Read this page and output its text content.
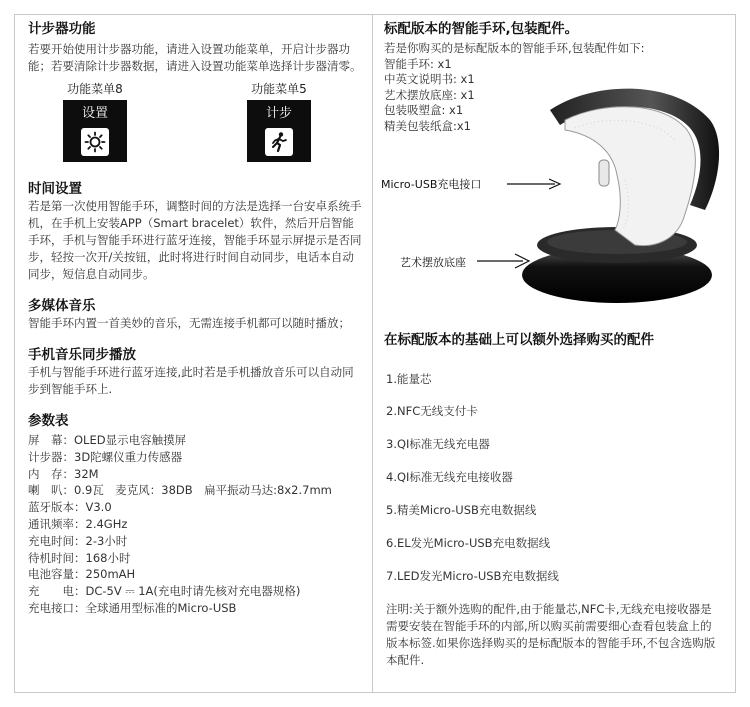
计步器功能

若要开始使用计步器功能，请进入设置功能菜单，开启计步器功能；若要清除计步器数据，请进入设置功能菜单选择计步器清零。

功能菜单8
设置
功能菜单5
计步
时间设置

若是第一次使用智能手环，调整时间的方法是选择一台安卓系统手机，在手机上安装APP（Smart bracelet）软件，然后开启智能手环，手机与智能手环进行蓝牙连接，智能手环显示屏提示是否同步，轻按一次开/关按钮，此时将进行时间自动同步，电话本自动同步，短信息自动同步。

多媒体音乐

智能手环内置一首美妙的音乐，无需连接手机都可以随时播放；

手机音乐同步播放

手机与智能手环进行蓝牙连接,此时若是手机播放音乐可以自动同步到智能手环上.

参数表
屏　幕：OLED显示电容触摸屏
计步器：3D陀螺仪重力传感器
内　存：32M
喇　叭：0.9瓦　麦克风：38DB　扁平振动马达:8x2.7mm
蓝牙版本：V3.0
通讯频率：2.4GHz
充电时间：2-3小时
待机时间：168小时
电池容量：250mAH
充　　电：DC-5V ⎓ 1A(充电时请先核对充电器规格)
充电接口：全球通用型标准的Micro-USB
标配版本的智能手环,包装配件。
若是你购买的是标配版本的智能手环,包装配件如下:
智能手环: x1
中英文说明书: x1
艺术摆放底座: x1
包装吸塑盒: x1
精美包装纸盒:x1
Micro-USB充电接口
艺术摆放底座
在标配版本的基础上可以额外选择购买的配件
1.能量芯
2.NFC无线支付卡
3.QI标准无线充电器
4.QI标准无线充电接收器
5.精美Micro-USB充电数据线
6.EL发光Micro-USB充电数据线
7.LED发光Micro-USB充电数据线

注明:关于额外选购的配件,由于能量芯,NFC卡,无线充电接收器是需要安装在智能手环的内部,所以购买前需要细心查看包装盒上的版本标签.如果你选择购买的是标配版本的智能手环,不包含选购版本配件.
